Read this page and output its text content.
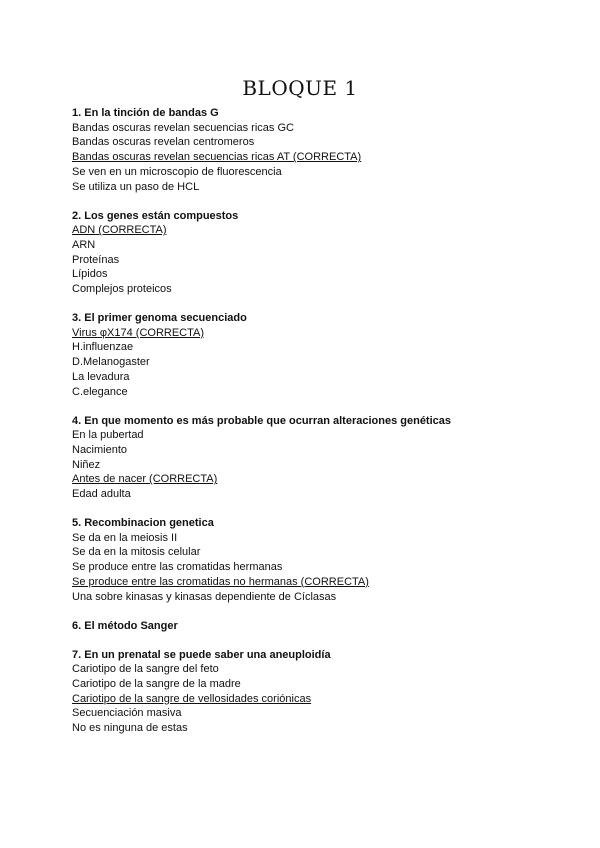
BLOQUE 1
1. En la tinción de bandas G
Bandas oscuras revelan secuencias ricas GC
Bandas oscuras revelan centromeros
Bandas oscuras revelan secuencias ricas AT (CORRECTA)
Se ven en un microscopio de fluorescencia
Se utiliza un paso de HCL
2. Los genes están compuestos
ADN (CORRECTA)
ARN
Proteínas
Lípidos
Complejos proteicos
3. El primer genoma secuenciado
Virus φX174 (CORRECTA)
H.influenzae
D.Melanogaster
La levadura
C.elegance
4. En que momento es más probable que ocurran alteraciones genéticas
En la pubertad
Nacimiento
Niñez
Antes de nacer (CORRECTA)
Edad adulta
5. Recombinacion genetica
Se da en la meiosis II
Se da en la mitosis celular
Se produce entre las cromatidas hermanas
Se produce entre las cromatidas no hermanas (CORRECTA)
Una sobre kinasas y kinasas dependiente de Cíclasas
6. El método Sanger
7. En un prenatal se puede saber una aneuploidía
Cariotipo de la sangre del feto
Cariotipo de la sangre de la madre
Cariotipo de la sangre de vellosidades coriónicas
Secuenciación masiva
No es ninguna de estas
